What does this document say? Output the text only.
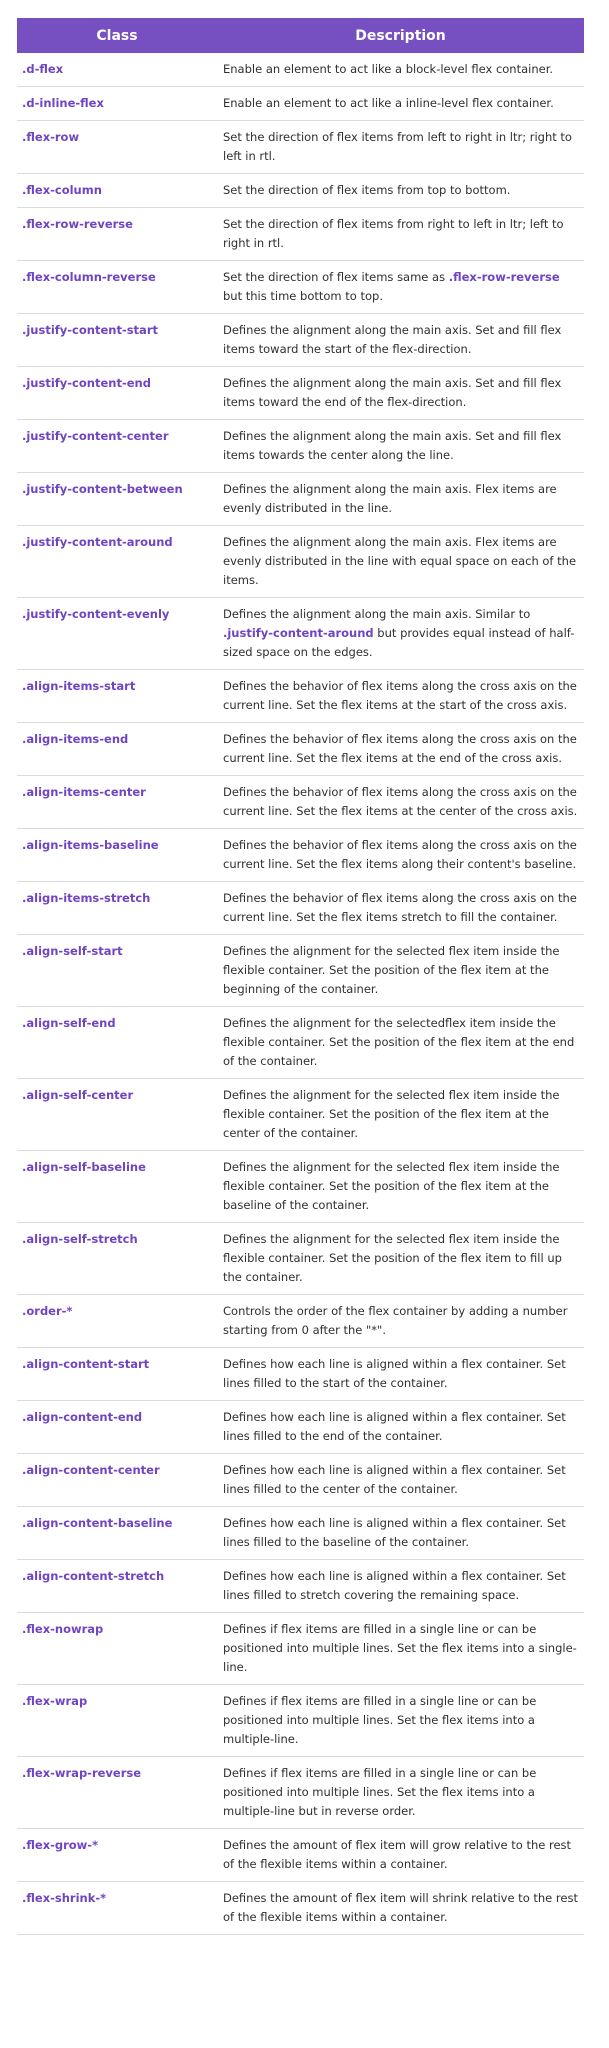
Class	Description
.d-flex	Enable an element to act like a block-level flex container.
.d-inline-flex	Enable an element to act like a inline-level flex container.
.flex-row	Set the direction of flex items from left to right in ltr; right to left in rtl.
.flex-column	Set the direction of flex items from top to bottom.
.flex-row-reverse	Set the direction of flex items from right to left in ltr; left to right in rtl.
.flex-column-reverse	Set the direction of flex items same as .flex-row-reverse but this time bottom to top.
.justify-content-start	Defines the alignment along the main axis. Set and fill flex items toward the start of the flex-direction.
.justify-content-end	Defines the alignment along the main axis. Set and fill flex items toward the end of the flex-direction.
.justify-content-center	Defines the alignment along the main axis. Set and fill flex items towards the center along the line.
.justify-content-between	Defines the alignment along the main axis. Flex items are evenly distributed in the line.
.justify-content-around	Defines the alignment along the main axis. Flex items are evenly distributed in the line with equal space on each of the items.
.justify-content-evenly	Defines the alignment along the main axis. Similar to .justify-content-around but provides equal instead of half-sized space on the edges.
.align-items-start	Defines the behavior of flex items along the cross axis on the current line. Set the flex items at the start of the cross axis.
.align-items-end	Defines the behavior of flex items along the cross axis on the current line. Set the flex items at the end of the cross axis.
.align-items-center	Defines the behavior of flex items along the cross axis on the current line. Set the flex items at the center of the cross axis.
.align-items-baseline	Defines the behavior of flex items along the cross axis on the current line. Set the flex items along their content's baseline.
.align-items-stretch	Defines the behavior of flex items along the cross axis on the current line. Set the flex items stretch to fill the container.
.align-self-start	Defines the alignment for the selected flex item inside the flexible container. Set the position of the flex item at the beginning of the container.
.align-self-end	Defines the alignment for the selectedflex item inside the flexible container. Set the position of the flex item at the end of the container.
.align-self-center	Defines the alignment for the selected flex item inside the flexible container. Set the position of the flex item at the center of the container.
.align-self-baseline	Defines the alignment for the selected flex item inside the flexible container. Set the position of the flex item at the baseline of the container.
.align-self-stretch	Defines the alignment for the selected flex item inside the flexible container. Set the position of the flex item to fill up the container.
.order-*	Controls the order of the flex container by adding a number starting from 0 after the "*".
.align-content-start	Defines how each line is aligned within a flex container. Set lines filled to the start of the container.
.align-content-end	Defines how each line is aligned within a flex container. Set lines filled to the end of the container.
.align-content-center	Defines how each line is aligned within a flex container. Set lines filled to the center of the container.
.align-content-baseline	Defines how each line is aligned within a flex container. Set lines filled to the baseline of the container.
.align-content-stretch	Defines how each line is aligned within a flex container. Set lines filled to stretch covering the remaining space.
.flex-nowrap	Defines if flex items are filled in a single line or can be positioned into multiple lines. Set the flex items into a single-line.
.flex-wrap	Defines if flex items are filled in a single line or can be positioned into multiple lines. Set the flex items into a multiple-line.
.flex-wrap-reverse	Defines if flex items are filled in a single line or can be positioned into multiple lines. Set the flex items into a multiple-line but in reverse order.
.flex-grow-*	Defines the amount of flex item will grow relative to the rest of the flexible items within a container.
.flex-shrink-*	Defines the amount of flex item will shrink relative to the rest of the flexible items within a container.
